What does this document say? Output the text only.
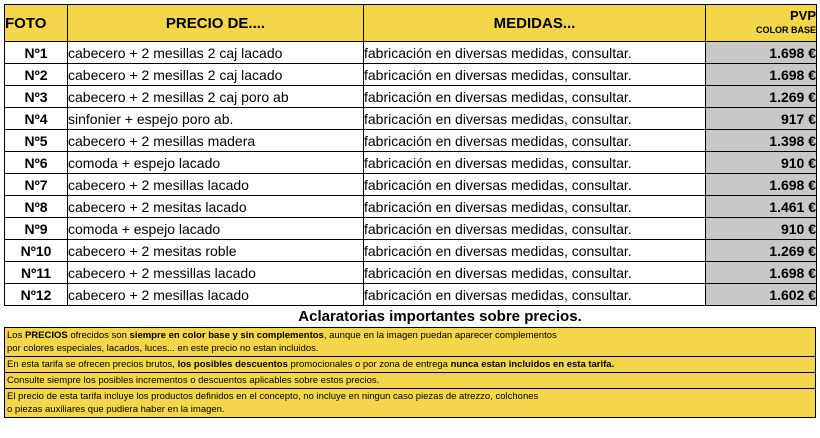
FOTO	PRECIO DE....	MEDIDAS...	PVP
COLOR BASE

Nº1	cabecero + 2 mesillas 2 caj lacado	fabricación en diversas medidas, consultar.	1.698 €
Nº2	cabecero + 2 mesillas 2 caj lacado	fabricación en diversas medidas, consultar.	1.698 €
Nº3	cabecero + 2 mesillas 2 caj poro ab	fabricación en diversas medidas, consultar.	1.269 €
Nº4	sinfonier + espejo poro ab.	fabricación en diversas medidas, consultar.	917 €
Nº5	cabecero + 2 mesillas madera	fabricación en diversas medidas, consultar.	1.398 €
Nº6	comoda + espejo lacado	fabricación en diversas medidas, consultar.	910 €
Nº7	cabecero + 2 mesillas lacado	fabricación en diversas medidas, consultar.	1.698 €
Nº8	cabecero + 2 mesitas lacado	fabricación en diversas medidas, consultar.	1.461 €
Nº9	comoda + espejo lacado	fabricación en diversas medidas, consultar.	910 €
Nº10	cabecero + 2 mesitas roble	fabricación en diversas medidas, consultar.	1.269 €
Nº11	cabecero + 2 messillas lacado	fabricación en diversas medidas, consultar.	1.698 €
Nº12	cabecero + 2 mesillas lacado	fabricación en diversas medidas, consultar.	1.602 €
Aclaratorias importantes sobre precios.
Los PRECIOS ofrecidos son siempre en color base y sin complementos, aunque en la imagen puedan aparecer complementos
por colores especiales, lacados, luces... en este precio no estan incluidos.
En esta tarifa se ofrecen precios brutos, los posibles descuentos promocionales o por zona de entrega nunca estan incluidos en esta tarifa.
Consulte siempre los posibles incrementos o descuentos aplicables sobre estos precios.
El precio de esta tarifa incluye los productos definidos en el concepto, no incluye en ningun caso piezas de atrezzo, colchones
o piezas auxiliares que pudiera haber en la imagen.
